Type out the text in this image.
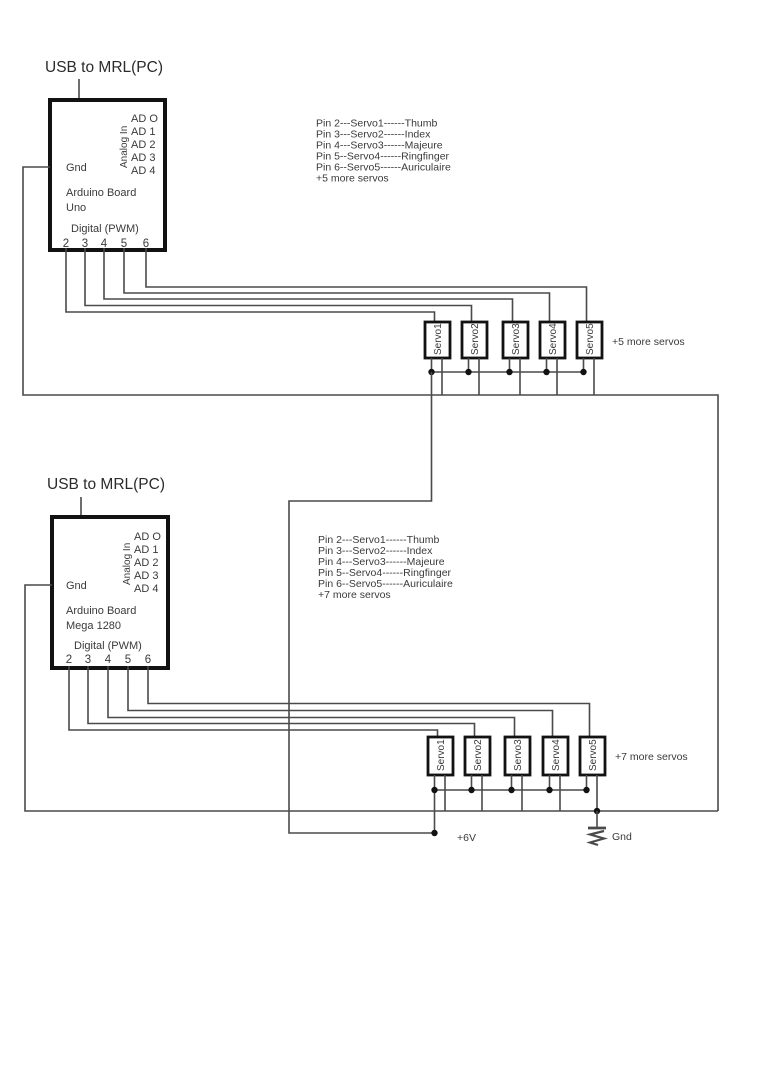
USB to MRL(PC)
Analog In
AD O
AD 1
AD 2
AD 3
AD 4
Gnd
Arduino Board
Uno
Digital (PWM)
2 3 4 5 6
Pin 2---Servo1------Thumb
Pin 3---Servo2------Index
Pin 4---Servo3------Majeure
Pin 5--Servo4------Ringfinger
Pin 6--Servo5------Auriculaire
+5 more servos
Servo1	Servo2	Servo3	Servo4	Servo5 +5 more servos
USB to MRL(PC)
Analog In
AD O
AD 1
AD 2
AD 3
AD 4
Gnd
Arduino Board
Mega 1280
Digital (PWM)
2 3 4 5 6
Pin 2---Servo1------Thumb
Pin 3---Servo2------Index
Pin 4---Servo3------Majeure
Pin 5--Servo4------Ringfinger
Pin 6--Servo5------Auriculaire
+7 more servos
Servo1	Servo2	Servo3	Servo4	Servo5 +7 more servos
+6V	Gnd
